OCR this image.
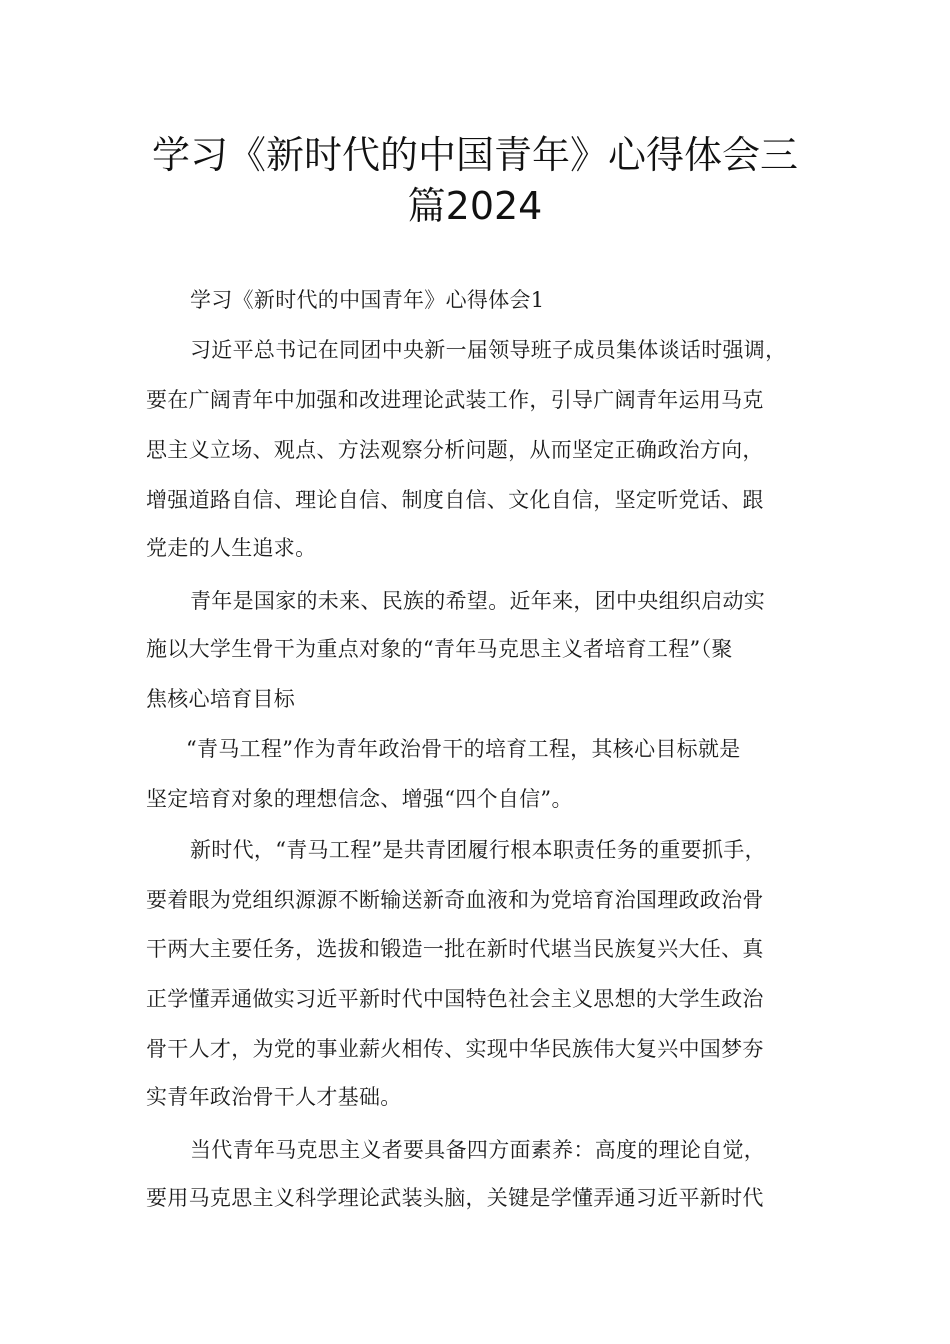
学习《新时代的中国青年》心得体会三
篇2024
学习《新时代的中国青年》心得体会1
习近平总书记在同团中央新一届领导班子成员集体谈话时强调，
要在广阔青年中加强和改进理论武装工作，引导广阔青年运用马克
思主义立场、观点、方法观察分析问题，从而坚定正确政治方向，
增强道路自信、理论自信、制度自信、文化自信，坚定听党话、跟
党走的人生追求。
青年是国家的未来、民族的希望。近年来，团中央组织启动实
施以大学生骨干为重点对象的“青年马克思主义者培育工程”（聚
焦核心培育目标
“青马工程”作为青年政治骨干的培育工程，其核心目标就是
坚定培育对象的理想信念、增强“四个自信”。
新时代，“青马工程”是共青团履行根本职责任务的重要抓手，
要着眼为党组织源源不断输送新奇血液和为党培育治国理政政治骨
干两大主要任务，选拔和锻造一批在新时代堪当民族复兴大任、真
正学懂弄通做实习近平新时代中国特色社会主义思想的大学生政治
骨干人才，为党的事业薪火相传、实现中华民族伟大复兴中国梦夯
实青年政治骨干人才基础。
当代青年马克思主义者要具备四方面素养：高度的理论自觉，
要用马克思主义科学理论武装头脑，关键是学懂弄通习近平新时代
